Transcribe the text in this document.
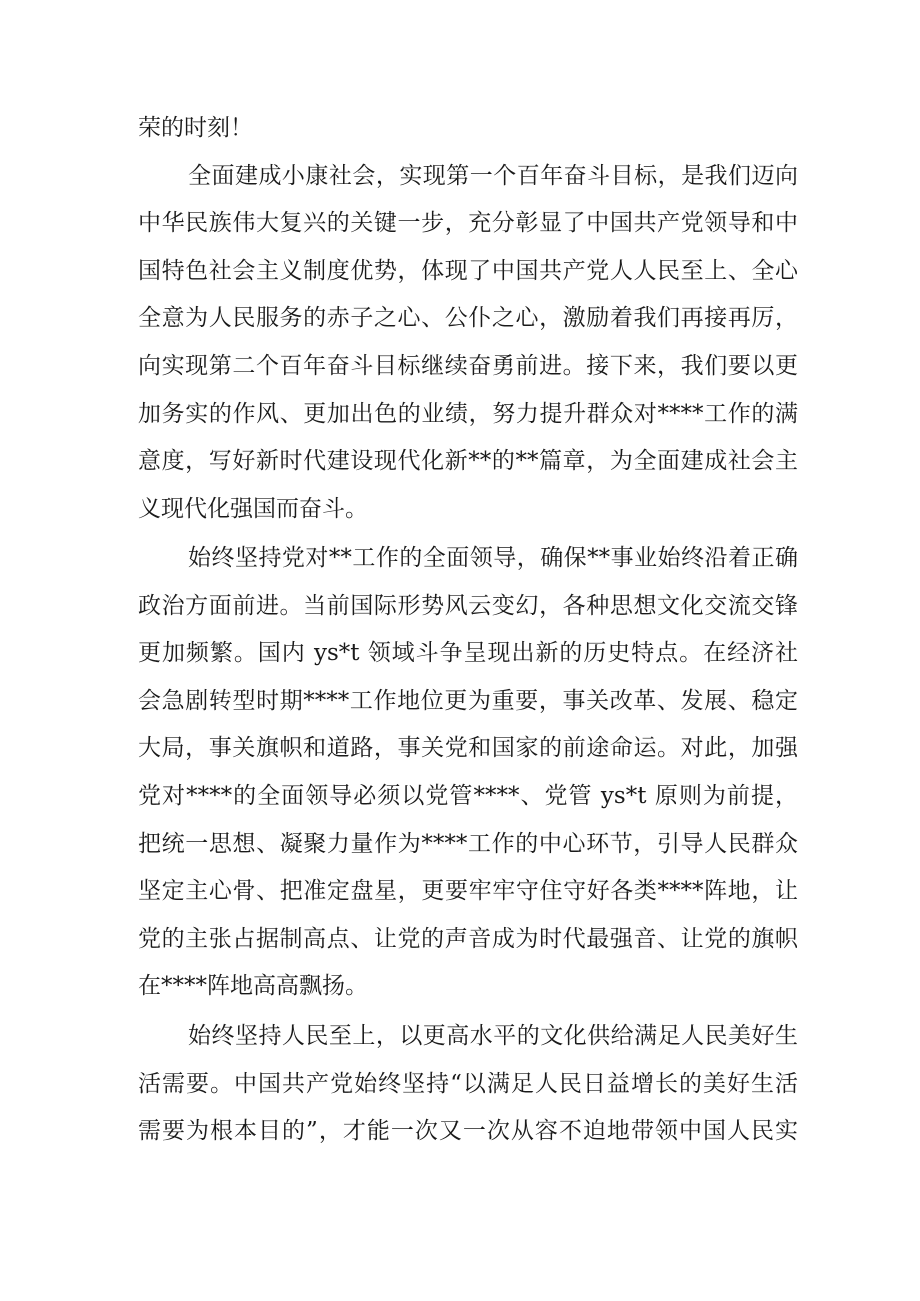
荣的时刻！
全面建成小康社会，实现第一个百年奋斗目标，是我们迈向
中华民族伟大复兴的关键一步，充分彰显了中国共产党领导和中
国特色社会主义制度优势，体现了中国共产党人人民至上、全心
全意为人民服务的赤子之心、公仆之心，激励着我们再接再厉，
向实现第二个百年奋斗目标继续奋勇前进。接下来，我们要以更
加务实的作风、更加出色的业绩，努力提升群众对****工作的满
意度，写好新时代建设现代化新**的**篇章，为全面建成社会主
义现代化强国而奋斗。
始终坚持党对**工作的全面领导，确保**事业始终沿着正确
政治方面前进。当前国际形势风云变幻，各种思想文化交流交锋
更加频繁。国内 ys*t 领域斗争呈现出新的历史特点。在经济社
会急剧转型时期****工作地位更为重要，事关改革、发展、稳定
大局，事关旗帜和道路，事关党和国家的前途命运。对此，加强
党对****的全面领导必须以党管****、党管 ys*t 原则为前提，
把统一思想、凝聚力量作为****工作的中心环节，引导人民群众
坚定主心骨、把准定盘星，更要牢牢守住守好各类****阵地，让
党的主张占据制高点、让党的声音成为时代最强音、让党的旗帜
在****阵地高高飘扬。
始终坚持人民至上，以更高水平的文化供给满足人民美好生
活需要。中国共产党始终坚持“以满足人民日益增长的美好生活
需要为根本目的”，才能一次又一次从容不迫地带领中国人民实
